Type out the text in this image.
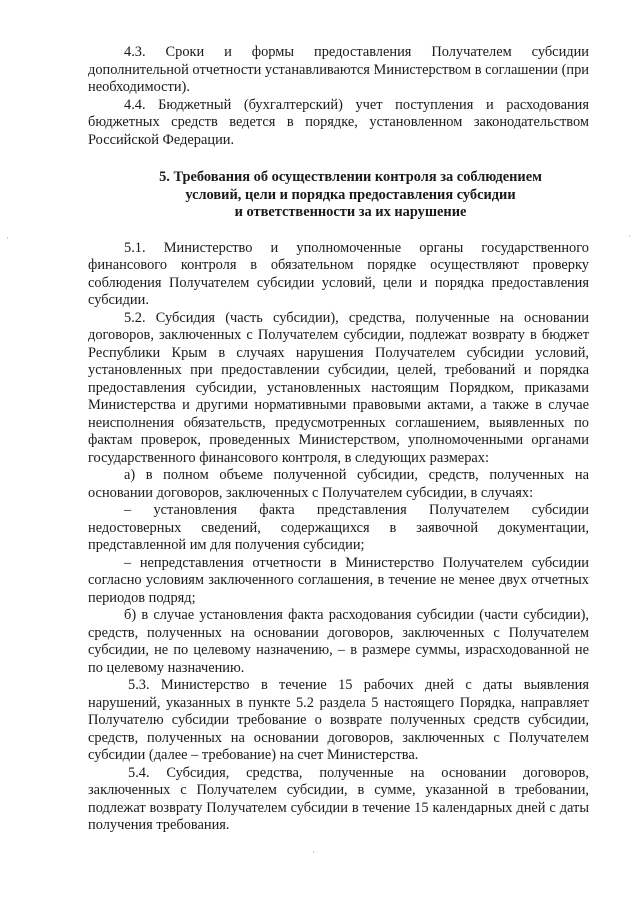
4.3. Сроки и формы предоставления Получателем субсидии дополнительной отчетности устанавливаются Министерством в соглашении (при необходимости).

4.4. Бюджетный (бухгалтерский) учет поступления и расходования бюджетных средств ведется в порядке, установленном законодательством Российской Федерации.

5. Требования об осуществлении контроля за соблюдением
условий, цели и порядка предоставления субсидии
и ответственности за их нарушение

5.1. Министерство и уполномоченные органы государственного финансового контроля в обязательном порядке осуществляют проверку соблюдения Получателем субсидии условий, цели и порядка предоставления субсидии.

5.2. Субсидия (часть субсидии), средства, полученные на основании договоров, заключенных с Получателем субсидии, подлежат возврату в бюджет Республики Крым в случаях нарушения Получателем субсидии условий, установленных при предоставлении субсидии, целей, требований и порядка предоставления субсидии, установленных настоящим Порядком, приказами Министерства и другими нормативными правовыми актами, а также в случае неисполнения обязательств, предусмотренных соглашением, выявленных по фактам проверок, проведенных Министерством, уполномоченными органами государственного финансового контроля, в следующих размерах:

а) в полном объеме полученной субсидии, средств, полученных на основании договоров, заключенных с Получателем субсидии, в случаях:

– установления факта представления Получателем субсидии недостоверных сведений, содержащихся в заявочной документации, представленной им для получения субсидии;

– непредставления отчетности в Министерство Получателем субсидии согласно условиям заключенного соглашения, в течение не менее двух отчетных периодов подряд;

б) в случае установления факта расходования субсидии (части субсидии), средств, полученных на основании договоров, заключенных с Получателем субсидии, не по целевому назначению, – в размере суммы, израсходованной не по целевому назначению.

5.3. Министерство в течение 15 рабочих дней с даты выявления нарушений, указанных в пункте 5.2 раздела 5 настоящего Порядка, направляет Получателю субсидии требование о возврате полученных средств субсидии, средств, полученных на основании договоров, заключенных с Получателем субсидии (далее – требование) на счет Министерства.

5.4. Субсидия, средства, полученные на основании договоров, заключенных с Получателем субсидии, в сумме, указанной в требовании, подлежат возврату Получателем субсидии в течение 15 календарных дней с даты получения требования.

·	·
·
